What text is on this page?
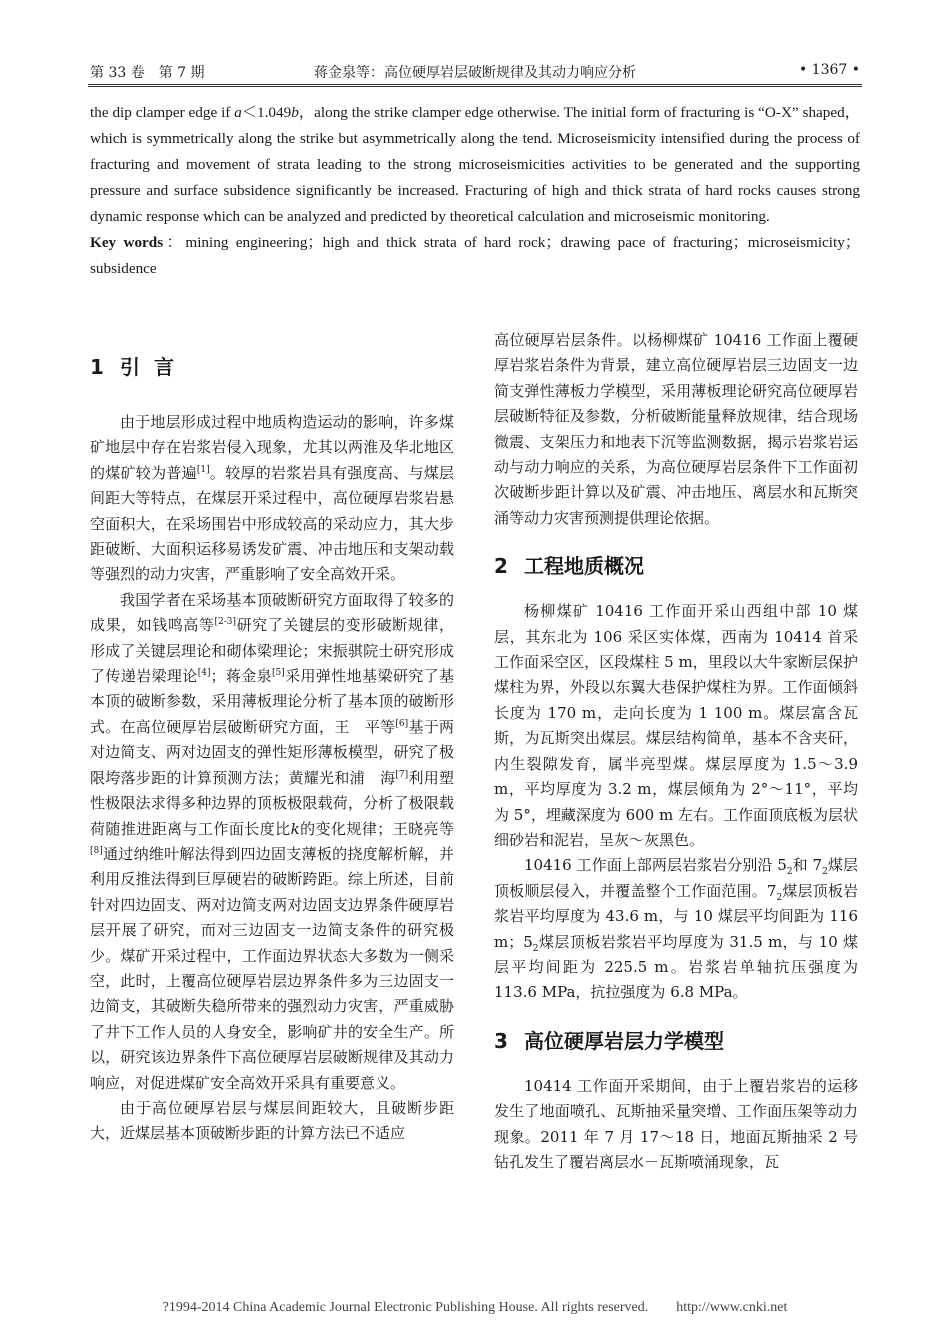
第 33 卷　第 7 期	蒋金泉等：高位硬厚岩层破断规律及其动力响应分析	• 1367 •

the dip clamper edge if a＜1.049b，along the strike clamper edge otherwise. The initial form of fracturing is “O-X” shaped，which is symmetrically along the strike but asymmetrically along the tend. Microseismicity intensified during the process of fracturing and movement of strata leading to the strong microseismicities activities to be generated and the supporting pressure and surface subsidence significantly be increased. Fracturing of high and thick strata of hard rocks causes strong dynamic response which can be analyzed and predicted by theoretical calculation and microseismic monitoring.

Key words：mining engineering；high and thick strata of hard rock；drawing pace of fracturing；microseismicity；subsidence

1 引言

由于地层形成过程中地质构造运动的影响，许多煤矿地层中存在岩浆岩侵入现象，尤其以两淮及华北地区的煤矿较为普遍[1]。较厚的岩浆岩具有强度高、与煤层间距大等特点，在煤层开采过程中，高位硬厚岩浆岩悬空面积大，在采场围岩中形成较高的采动应力，其大步距破断、大面积运移易诱发矿震、冲击地压和支架动载等强烈的动力灾害，严重影响了安全高效开采。

我国学者在采场基本顶破断研究方面取得了较多的成果，如钱鸣高等[2-3]研究了关键层的变形破断规律，形成了关键层理论和砌体梁理论；宋振骐院士研究形成了传递岩梁理论[4]；蒋金泉[5]采用弹性地基梁研究了基本顶的破断参数，采用薄板理论分析了基本顶的破断形式。在高位硬厚岩层破断研究方面，王　平等[6]基于两对边简支、两对边固支的弹性矩形薄板模型，研究了极限垮落步距的计算预测方法；黄耀光和浦　海[7]利用塑性极限法求得多种边界的顶板极限载荷，分析了极限载荷随推进距离与工作面长度比k的变化规律；王晓亮等[8]通过纳维叶解法得到四边固支薄板的挠度解析解，并利用反推法得到巨厚硬岩的破断跨距。综上所述，目前针对四边固支、两对边简支两对边固支边界条件硬厚岩层开展了研究，而对三边固支一边简支条件的研究极少。煤矿开采过程中，工作面边界状态大多数为一侧采空，此时，上覆高位硬厚岩层边界条件多为三边固支一边简支，其破断失稳所带来的强烈动力灾害，严重威胁了井下工作人员的人身安全，影响矿井的安全生产。所以，研究该边界条件下高位硬厚岩层破断规律及其动力响应，对促进煤矿安全高效开采具有重要意义。

由于高位硬厚岩层与煤层间距较大，且破断步距大，近煤层基本顶破断步距的计算方法已不适应

高位硬厚岩层条件。以杨柳煤矿 10416 工作面上覆硬厚岩浆岩条件为背景，建立高位硬厚岩层三边固支一边简支弹性薄板力学模型，采用薄板理论研究高位硬厚岩层破断特征及参数，分析破断能量释放规律，结合现场微震、支架压力和地表下沉等监测数据，揭示岩浆岩运动与动力响应的关系，为高位硬厚岩层条件下工作面初次破断步距计算以及矿震、冲击地压、离层水和瓦斯突涌等动力灾害预测提供理论依据。

2 工程地质概况

杨柳煤矿 10416 工作面开采山西组中部 10 煤层，其东北为 106 采区实体煤，西南为 10414 首采工作面采空区，区段煤柱 5 m，里段以大牛家断层保护煤柱为界，外段以东翼大巷保护煤柱为界。工作面倾斜长度为 170 m，走向长度为 1 100 m。煤层富含瓦斯，为瓦斯突出煤层。煤层结构简单，基本不含夹矸，内生裂隙发育，属半亮型煤。煤层厚度为 1.5～3.9 m，平均厚度为 3.2 m，煤层倾角为 2°～11°，平均为 5°，埋藏深度为 600 m 左右。工作面顶底板为层状细砂岩和泥岩，呈灰～灰黑色。

10416 工作面上部两层岩浆岩分别沿 $5_2$和 $7_2$煤层顶板顺层侵入，并覆盖整个工作面范围。$7_2$煤层顶板岩浆岩平均厚度为 43.6 m，与 10 煤层平均间距为 116 m；$5_2$煤层顶板岩浆岩平均厚度为 31.5 m，与 10 煤层平均间距为 225.5 m。岩浆岩单轴抗压强度为 113.6 MPa，抗拉强度为 6.8 MPa。

3 高位硬厚岩层力学模型

10414 工作面开采期间，由于上覆岩浆岩的运移发生了地面喷孔、瓦斯抽采量突增、工作面压架等动力现象。2011 年 7 月 17～18 日，地面瓦斯抽采 2 号钻孔发生了覆岩离层水－瓦斯喷涌现象，瓦

?1994-2014 China Academic Journal Electronic Publishing House. All rights reserved.　　http://www.cnki.net
